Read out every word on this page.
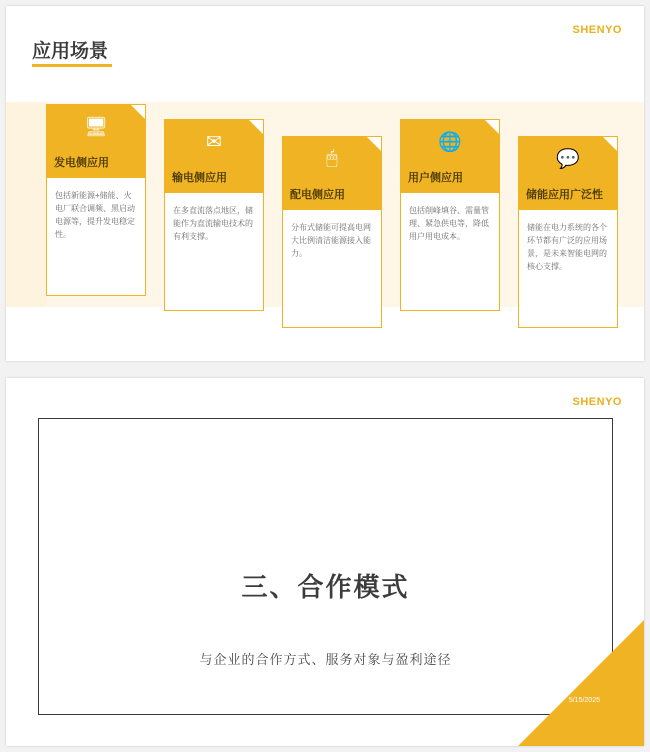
SHENYO
应用场景
🖥
发电侧应用
包括新能源+储能、火电厂联合调频、黑启动电源等，提升发电稳定性。
✉
输电侧应用
在多直流落点地区，储能作为直流输电技术的有利支撑。
🖱
配电侧应用
分布式储能可提高电网大比例清洁能源接入能力。
🌐
用户侧应用
包括削峰填谷、需量管理、紧急供电等，降低用户用电成本。
💬
储能应用广泛性
储能在电力系统的各个环节都有广泛的应用场景，是未来智能电网的核心支撑。
SHENYO
三、合作模式
与企业的合作方式、服务对象与盈利途径
5/15/2025
